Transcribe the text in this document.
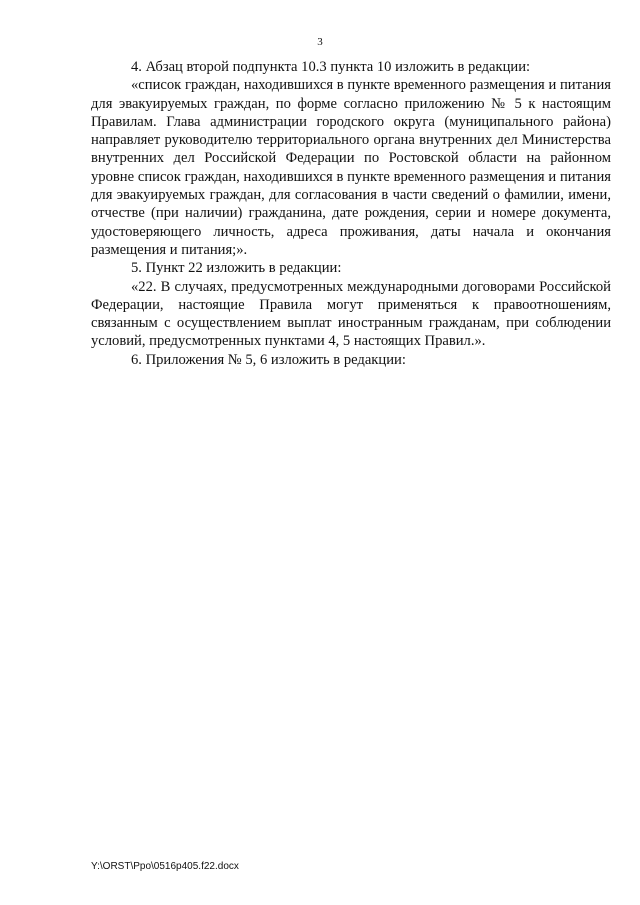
3

4. Абзац второй подпункта 10.3 пункта 10 изложить в редакции:

«список граждан, находившихся в пункте временного размещения и питания для эвакуируемых граждан, по форме согласно приложению № 5 к настоящим Правилам. Глава администрации городского округа (муниципального района) направляет руководителю территориального органа внутренних дел Министерства внутренних дел Российской Федерации по Ростовской области на районном уровне список граждан, находившихся в пункте временного размещения и питания для эвакуируемых граждан, для согласования в части сведений о фамилии, имени, отчестве (при наличии) гражданина, дате рождения, серии и номере документа, удостоверяющего личность, адреса проживания, даты начала и окончания размещения и питания;».

5. Пункт 22 изложить в редакции:

«22. В случаях, предусмотренных международными договорами Российской Федерации, настоящие Правила могут применяться к правоотношениям, связанным с осуществлением выплат иностранным гражданам, при соблюдении условий, предусмотренных пунктами 4, 5 настоящих Правил.».

6. Приложения № 5, 6 изложить в редакции:

Y:\ORST\Ppo\0516p405.f22.docx
